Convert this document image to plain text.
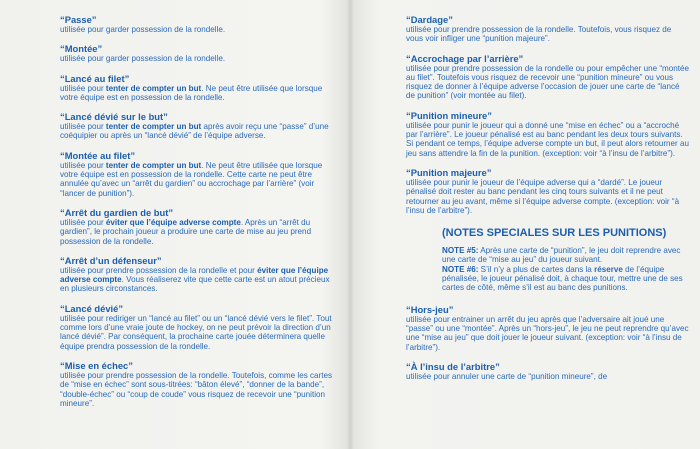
“Passe”
utilisée pour garder possession de la rondelle.
“Montée”
utilisée pour garder possession de la rondelle.
“Lancé au filet”
utilisée pour tenter de compter un but. Ne peut être utilisée que lorsque votre équipe est en possession de la rondelle.
“Lancé dévié sur le but”
utilisée pour tenter de compter un but après avoir reçu une “passe” d’une coéquipier ou après un “lancé dévié” de l’équipe adverse.
“Montée au filet”
utilisée pour tenter de compter un but. Ne peut être utilisée que lorsque votre équipe est en possession de la rondelle. Cette carte ne peut être annulée qu’avec un “arrêt du gardien” ou accrochage par l’arrière” (voir “lancer de punition”).
“Arrêt du gardien de but”
utilisée pour éviter que l’équipe adverse compte. Après un “arrêt du gardien”, le prochain joueur a produire une carte de mise au jeu prend possession de la rondelle.
“Arrêt d’un défenseur”
utilisée pour prendre possession de la rondelle et pour éviter que l’équipe adverse compte. Vous réaliserez vite que cette carte est un atout précieux en plusieurs circonstances.
“Lancé dévié”
utilisée pour rediriger un “lancé au filet” ou un “lancé dévié vers le filet”. Tout comme lors d’une vraie joute de hockey, on ne peut prévoir la direction d’un lancé dévié”. Par conséquent, la prochaine carte jouée déterminera quelle équipe prendra possession de la rondelle.
“Mise en échec”
utilisée pour prendre possession de la rondelle. Toutefois, comme les cartes de “mise en échec” sont sous-titrées: “bâton élevé”, “donner de la bande”, “double-échec” ou “coup de coude” vous risquez de recevoir une “punition mineure”.
“Dardage”
utilisée pour prendre possession de la rondelle. Toutefois, vous risquez de vous voir infliger une “punition majeure”.
“Accrochage par l’arrière”
utilisée pour prendre possession de la rondelle ou pour empêcher une “montée au filet”. Toutefois vous risquez de recevoir une “punition mineure” ou vous risquez de donner à l’équipe adverse l’occasion de jouer une carte de “lancé de punition” (voir montée au filet).
“Punition mineure”
utilisée pour punir le joueur qui a donné une “mise en échec” ou a “accroché par l’arrière”. Le joueur pénalisé est au banc pendant les deux tours suivants. Si pendant ce temps, l’équipe adverse compte un but, il peut alors retourner au jeu sans attendre la fin de la punition. (exception: voir “à l’insu de l’arbitre”).
“Punition majeure”
utilisée pour punir le joueur de l’équipe adverse qui a “dardé”. Le joueur pénalisé doit rester au banc pendant les cinq tours suivants et il ne peut retourner au jeu avant, même si l’équipe adverse compte. (exception: voir “à l’insu de l’arbitre”).
(NOTES SPECIALES SUR LES PUNITIONS)
NOTE #5: Après une carte de “punition”, le jeu doit reprendre avec une carte de “mise au jeu” du joueur suivant.
NOTE #6: S’il n’y a plus de cartes dans la réserve de l’équipe pénalisée, le joueur pénalisé doit, à chaque tour, mettre une de ses cartes de côté, même s’il est au banc des punitions.
“Hors-jeu”
utilisée pour entrainer un arrêt du jeu après que l’adversaire ait joué une “passe” ou une “montée”. Après un “hors-jeu”, le jeu ne peut reprendre qu’avec une “mise au jeu” que doit jouer le joueur suivant. (exception: voir “à l’insu de l’arbitre”).
“À l’insu de l’arbitre”
utilisée pour annuler une carte de “punition mineure”, de
